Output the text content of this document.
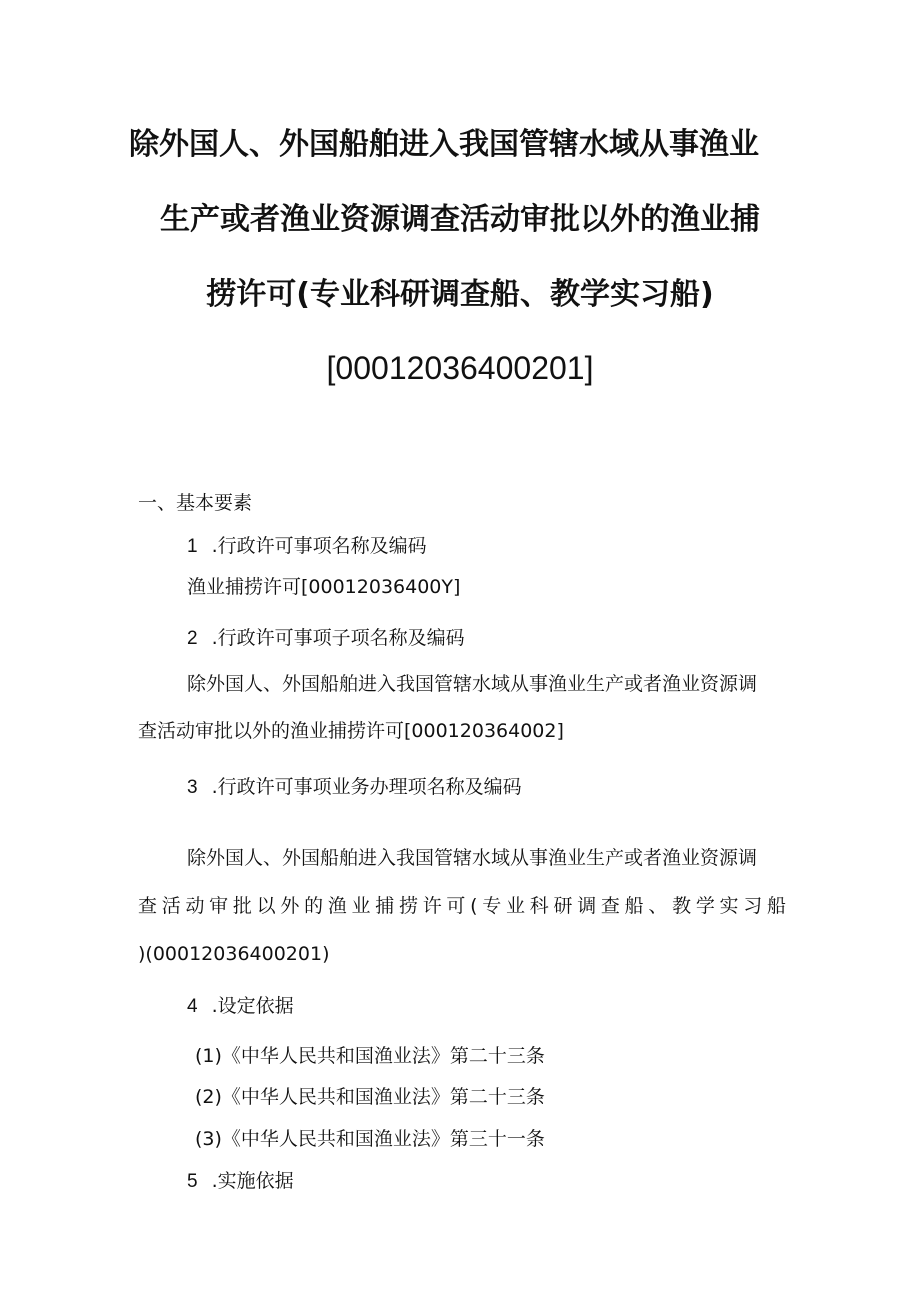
除外国人、外国船舶进入我国管辖水域从事渔业
生产或者渔业资源调查活动审批以外的渔业捕
捞许可(专业科研调查船、教学实习船)
[00012036400201]
一、基本要素
1 .行政许可事项名称及编码
渔业捕捞许可[00012036400Y]
2 .行政许可事项子项名称及编码
除外国人、外国船舶进入我国管辖水域从事渔业生产或者渔业资源调
查活动审批以外的渔业捕捞许可[000120364002]
3 .行政许可事项业务办理项名称及编码
除外国人、外国船舶进入我国管辖水域从事渔业生产或者渔业资源调
查活动审批以外的渔业捕捞许可(专业科研调查船、教学实习船
)(00012036400201)
4 .设定依据
(1)《中华人民共和国渔业法》第二十三条
(2)《中华人民共和国渔业法》第二十三条
(3)《中华人民共和国渔业法》第三十一条
5 .实施依据
